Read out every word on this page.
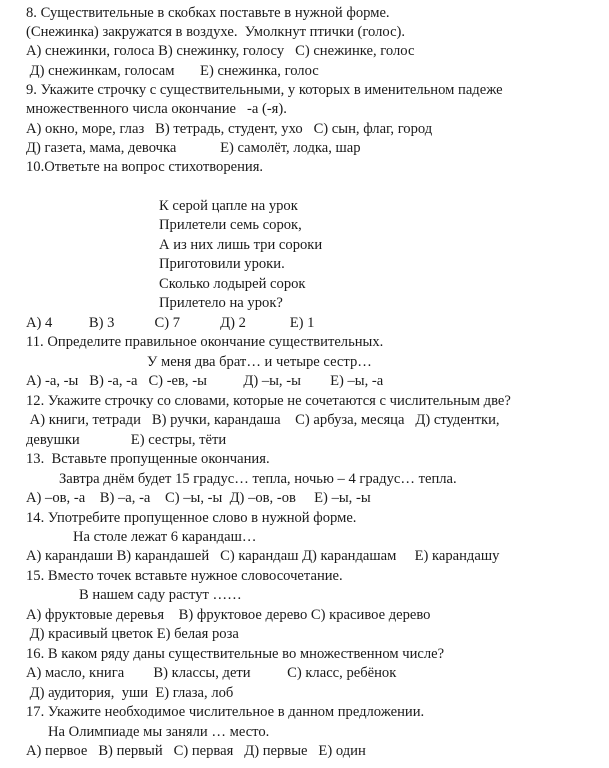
8. Существительные в скобках поставьте в нужной форме.
(Снежинка) закружатся в воздухе.  Умолкнут птички (голос).
А) снежинки, голоса В) снежинку, голосу   С) снежинке, голос
Д) снежинкам, голосам       Е) снежинка, голос
9. Укажите строчку с существительными, у которых в именительном падеже
множественного числа окончание   -а (-я).
А) окно, море, глаз   В) тетрадь, студент, ухо   С) сын, флаг, город
Д) газета, мама, девочка            Е) самолёт, лодка, шар
10.Ответьте на вопрос стихотворения.
К серой цапле на урок
Прилетели семь сорок,
А из них лишь три сороки
Приготовили уроки.
Сколько лодырей сорок
Прилетело на урок?
А) 4          В) 3           С) 7           Д) 2            Е) 1
11. Определите правильное окончание существительных.
У меня два брат… и четыре сестр…
А) -а, -ы   В) -а, -а   С) -ев, -ы          Д) –ы, -ы        Е) –ы, -а
12. Укажите строчку со словами, которые не сочетаются с числительным две?
А) книги, тетради   В) ручки, карандаша    С) арбуза, месяца   Д) студентки,
девушки              Е) сестры, тёти
13.  Вставьте пропущенные окончания.
Завтра днём будет 15 градус… тепла, ночью – 4 градус… тепла.
А) –ов, -а    В) –а, -а    С) –ы, -ы  Д) –ов, -ов     Е) –ы, -ы
14. Употребите пропущенное слово в нужной форме.
На столе лежат 6 карандаш…
А) карандаши В) карандашей   С) карандаш Д) карандашам     Е) карандашу
15. Вместо точек вставьте нужное словосочетание.
В нашем саду растут ……
А) фруктовые деревья    В) фруктовое дерево С) красивое дерево
Д) красивый цветок Е) белая роза
16. В каком ряду даны существительные во множественном числе?
А) масло, книга        В) классы, дети          С) класс, ребёнок
Д) аудитория,  уши  Е) глаза, лоб
17. Укажите необходимое числительное в данном предложении.
На Олимпиаде мы заняли … место.
А) первое   В) первый   С) первая   Д) первые   Е) один
